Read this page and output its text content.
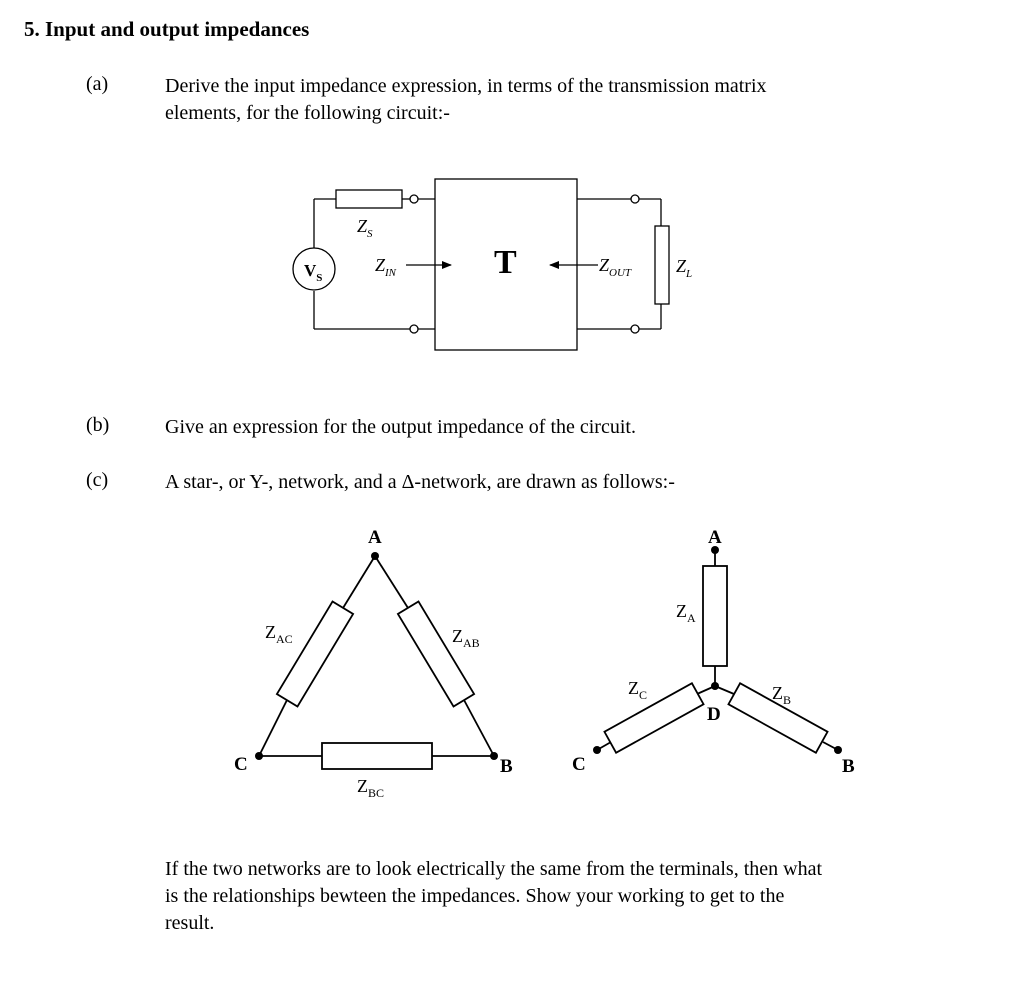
5. Input and output impedances
(a)	Derive the input impedance expression, in terms of the transmission matrix
elements, for the following circuit:-
(b)	Give an expression for the output impedance of the circuit.
(c)	A star-, or Y-, network, and a Δ-network, are drawn as follows:-
If the two networks are to look electrically the same from the terminals, then what
is the relationships bewteen the impedances. Show your working to get to the
result.
$V_S$
$Z_S$
$Z_{IN}$	T	$Z_{OUT}$ $Z_L$
A
B
C
$Z_{AC}$	$Z_{AB}$
$Z_{BC}$
A
D
B
C
$Z_A$
$Z_C$	$Z_B$
